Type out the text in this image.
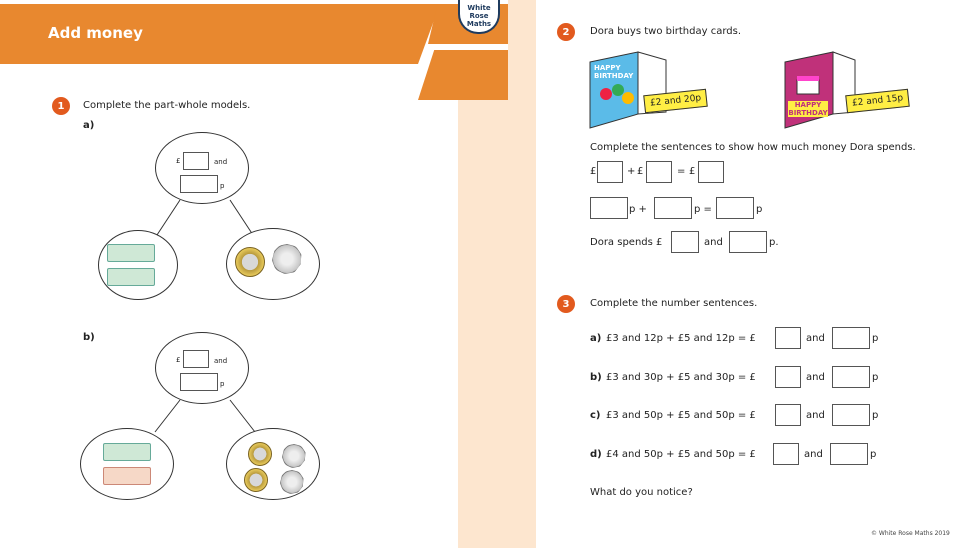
Add money
White
Rose
Maths
1	Complete the part-whole models.
a)
£	and
p
b)
£	and
p
2	Dora buys two birthday cards.
HAPPY BIRTHDAY
£2 and 20p	HAPPY BIRTHDAY
£2 and 15p
Complete the sentences to show how much money Dora spends.
£	+ £	= £
p +	p =	p
Dora spends £	and	p.
3	Complete the number sentences.
a) £3 and 12p + £5 and 12p = £	and	p
b) £3 and 30p + £5 and 30p = £	and	p
c) £3 and 50p + £5 and 50p = £	and	p
d) £4 and 50p + £5 and 50p = £	and	p
What do you notice?
© White Rose Maths 2019
